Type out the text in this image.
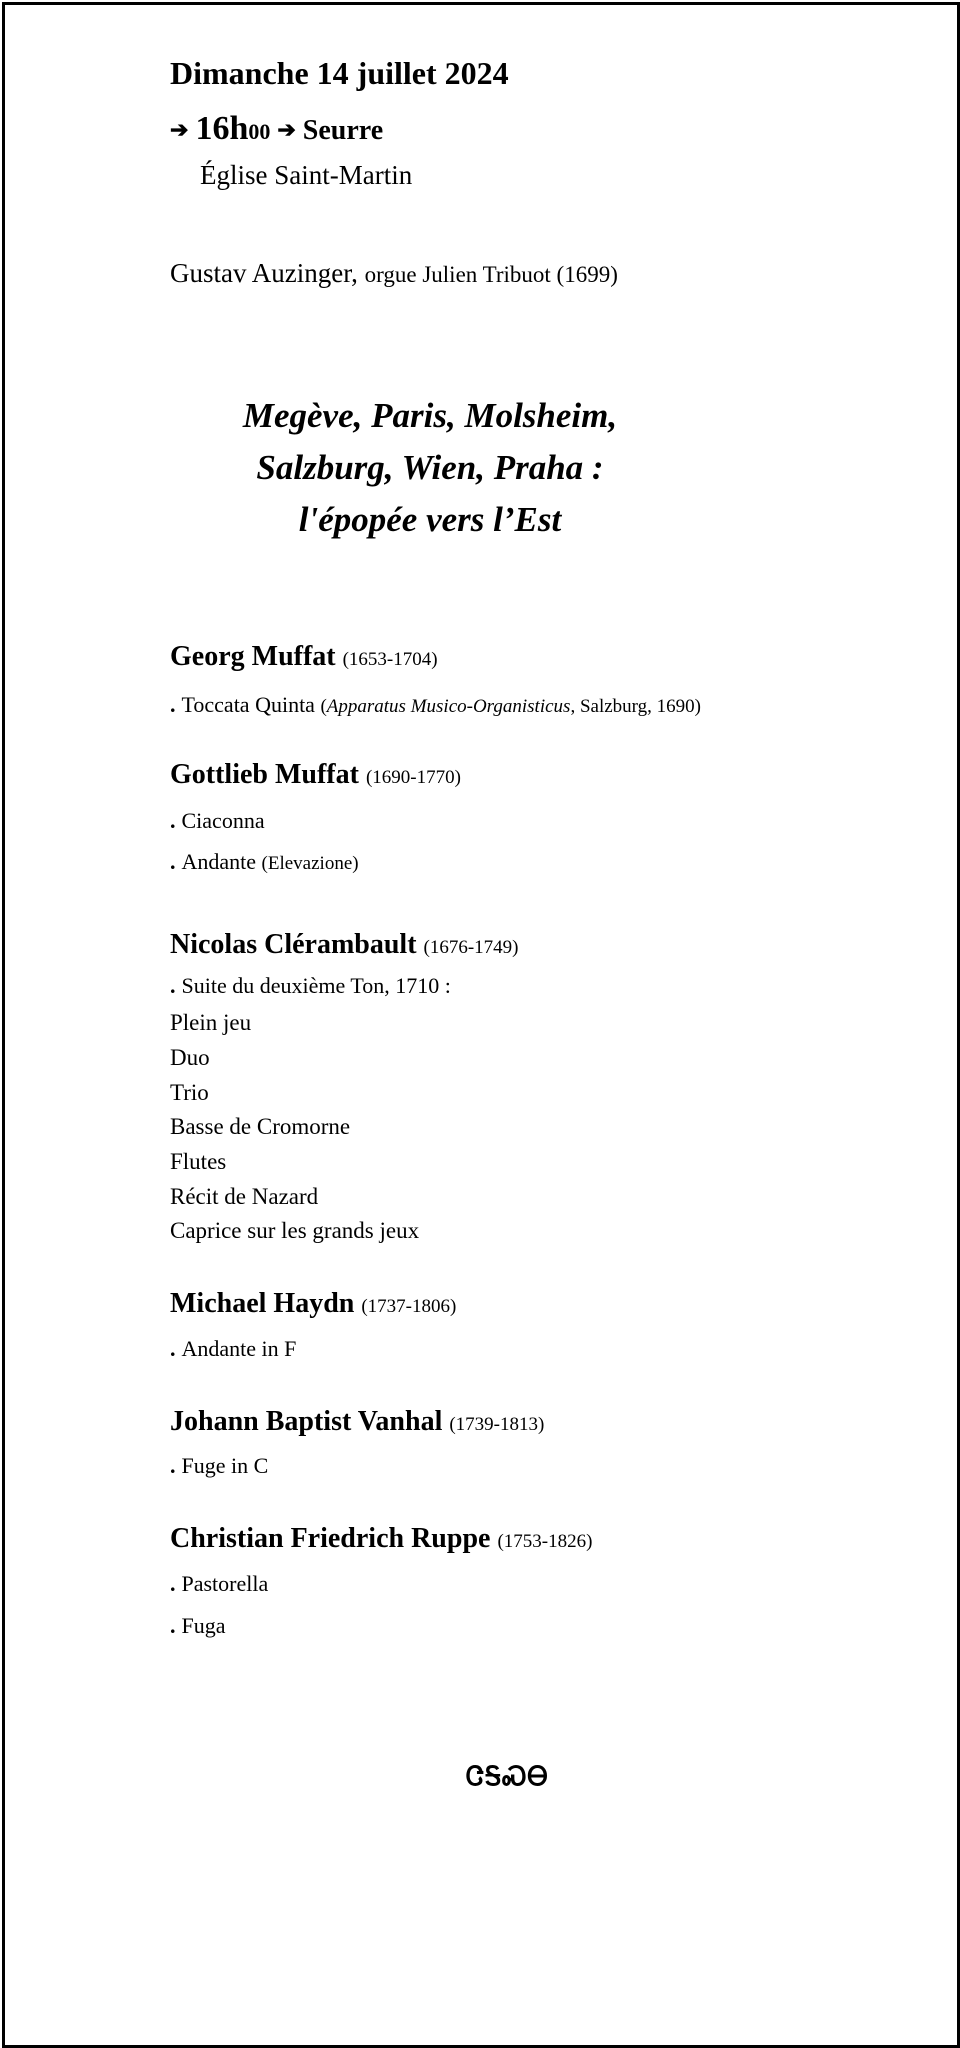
Dimanche 14 juillet 2024
➔ 16h00 ➔ Seurre
Église Saint-Martin
Gustav Auzinger, orgue Julien Tribuot (1699)
Megève, Paris, Molsheim,
Salzburg, Wien, Praha :
l'épopée vers l’Est
Georg Muffat (1653-1704)
. Toccata Quinta (Apparatus Musico-Organisticus, Salzburg, 1690)
Gottlieb Muffat (1690-1770)
. Ciaconna
. Andante (Elevazione)
Nicolas Clérambault (1676-1749)
. Suite du deuxième Ton, 1710 :
Plein jeu
Duo
Trio
Basse de Cromorne
Flutes
Récit de Nazard
Caprice sur les grands jeux
Michael Haydn (1737-1806)
. Andante in F
Johann Baptist Vanhal (1739-1813)
. Fuge in C
Christian Friedrich Ruppe (1753-1826)
. Pastorella
. Fuga
ᏣᎦᏍᎾ
